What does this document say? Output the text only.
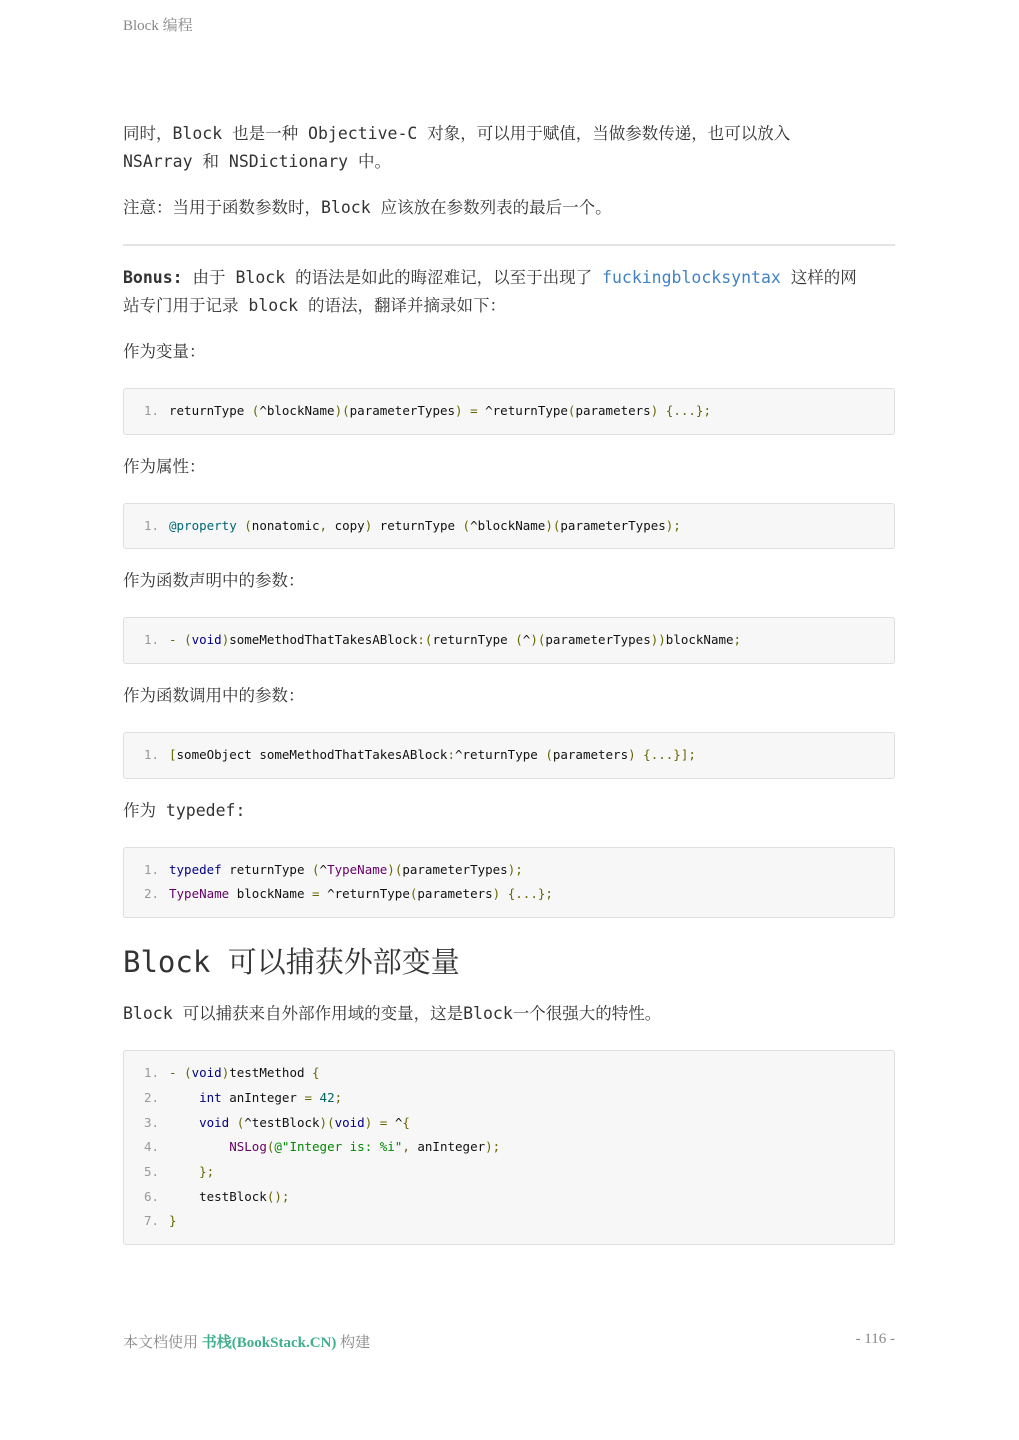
Block 编程

同时，Block 也是一种 Objective-C 对象，可以用于赋值，当做参数传递，也可以放入
NSArray 和 NSDictionary 中。

注意：当用于函数参数时，Block 应该放在参数列表的最后一个。

Bonus: 由于 Block 的语法是如此的晦涩难记，以至于出现了 fuckingblocksyntax 这样的网
站专门用于记录 block 的语法，翻译并摘录如下：

作为变量：

1. returnType (^blockName)(parameterTypes) = ^returnType(parameters) {...};

作为属性：

1. @property (nonatomic, copy) returnType (^blockName)(parameterTypes);

作为函数声明中的参数：

1. - (void)someMethodThatTakesABlock:(returnType (^)(parameterTypes))blockName;

作为函数调用中的参数：

1. [someObject someMethodThatTakesABlock:^returnType (parameters) {...}];

作为 typedef:

1. typedef returnType (^TypeName)(parameterTypes);
2. TypeName blockName = ^returnType(parameters) {...};
Block 可以捕获外部变量

Block 可以捕获来自外部作用域的变量，这是Block一个很强大的特性。

1. - (void)testMethod {
2.	int anInteger = 42;
3.	void (^testBlock)(void) = ^{
4.	NSLog(@"Integer is: %i", anInteger);
5.	};
6.    testBlock();
7. }
本文档使用 书栈(BookStack.CN) 构建	- 116 -
